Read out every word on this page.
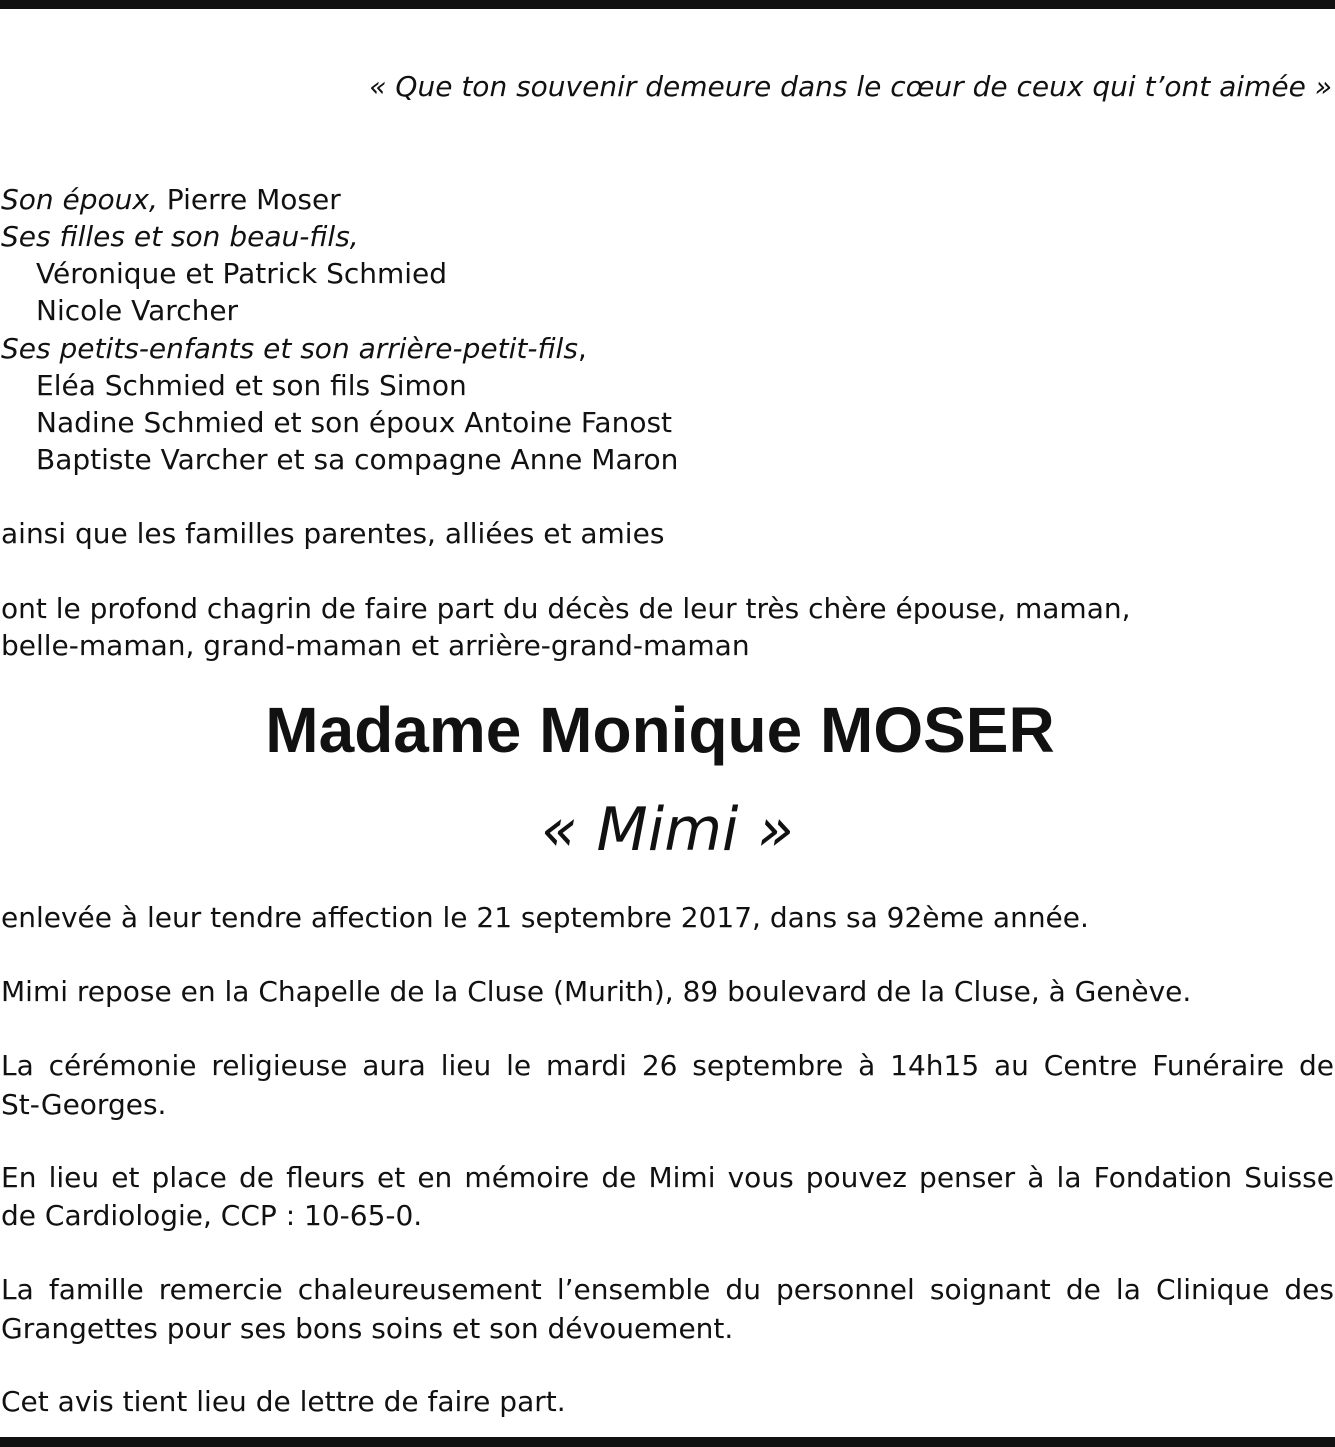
« Que ton souvenir demeure dans le cœur de ceux qui t’ont aimée »
Son époux, Pierre Moser
Ses filles et son beau-fils,
Véronique et Patrick Schmied
Nicole Varcher
Ses petits-enfants et son arrière-petit-fils,
Eléa Schmied et son fils Simon
Nadine Schmied et son époux Antoine Fanost
Baptiste Varcher et sa compagne Anne Maron
ainsi que les familles parentes, alliées et amies
ont le profond chagrin de faire part du décès de leur très chère épouse, maman,
belle-maman, grand-maman et arrière-grand-maman
Madame Monique MOSER
« Mimi »
enlevée à leur tendre affection le 21 septembre 2017, dans sa 92ème année.
Mimi repose en la Chapelle de la Cluse (Murith), 89 boulevard de la Cluse, à Genève.
La cérémonie religieuse aura lieu le mardi 26 septembre à 14h15 au Centre Funéraire de
St-Georges.
En lieu et place de fleurs et en mémoire de Mimi vous pouvez penser à la Fondation Suisse
de Cardiologie, CCP : 10-65-0.
La famille remercie chaleureusement l’ensemble du personnel soignant de la Clinique des
Grangettes pour ses bons soins et son dévouement.
Cet avis tient lieu de lettre de faire part.
